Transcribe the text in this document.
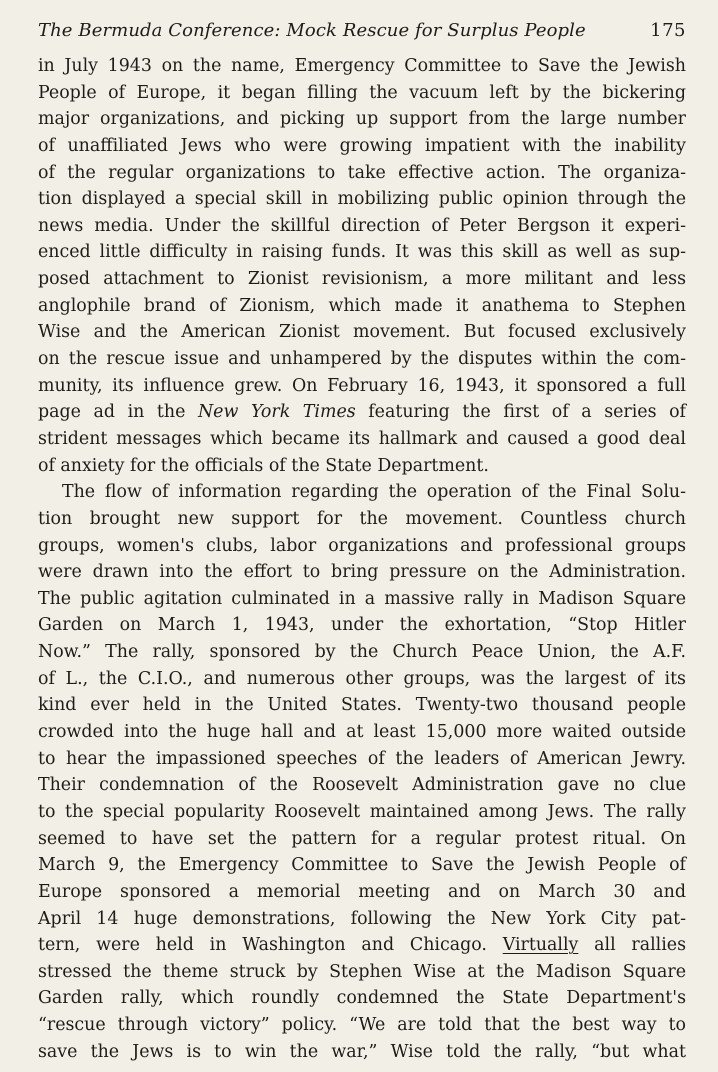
The Bermuda Conference: Mock Rescue for Surplus People	175
in July 1943 on the name, Emergency Committee to Save the Jewish
People of Europe, it began filling the vacuum left by the bickering
major organizations, and picking up support from the large number
of unaffiliated Jews who were growing impatient with the inability
of the regular organizations to take effective action. The organiza-
tion displayed a special skill in mobilizing public opinion through the
news media. Under the skillful direction of Peter Bergson it experi-
enced little difficulty in raising funds. It was this skill as well as sup-
posed attachment to Zionist revisionism, a more militant and less
anglophile brand of Zionism, which made it anathema to Stephen
Wise and the American Zionist movement. But focused exclusively
on the rescue issue and unhampered by the disputes within the com-
munity, its influence grew. On February 16, 1943, it sponsored a full
page ad in the New York Times featuring the first of a series of
strident messages which became its hallmark and caused a good deal
of anxiety for the officials of the State Department.
The flow of information regarding the operation of the Final Solu-
tion brought new support for the movement. Countless church
groups, women's clubs, labor organizations and professional groups
were drawn into the effort to bring pressure on the Administration.
The public agitation culminated in a massive rally in Madison Square
Garden on March 1, 1943, under the exhortation, “Stop Hitler
Now.” The rally, sponsored by the Church Peace Union, the A.F.
of L., the C.I.O., and numerous other groups, was the largest of its
kind ever held in the United States. Twenty-two thousand people
crowded into the huge hall and at least 15,000 more waited outside
to hear the impassioned speeches of the leaders of American Jewry.
Their condemnation of the Roosevelt Administration gave no clue
to the special popularity Roosevelt maintained among Jews. The rally
seemed to have set the pattern for a regular protest ritual. On
March 9, the Emergency Committee to Save the Jewish People of
Europe sponsored a memorial meeting and on March 30 and
April 14 huge demonstrations, following the New York City pat-
tern, were held in Washington and Chicago. Virtually all rallies
stressed the theme struck by Stephen Wise at the Madison Square
Garden rally, which roundly condemned the State Department's
“rescue through victory” policy. “We are told that the best way to
save the Jews is to win the war,” Wise told the rally, “but what
